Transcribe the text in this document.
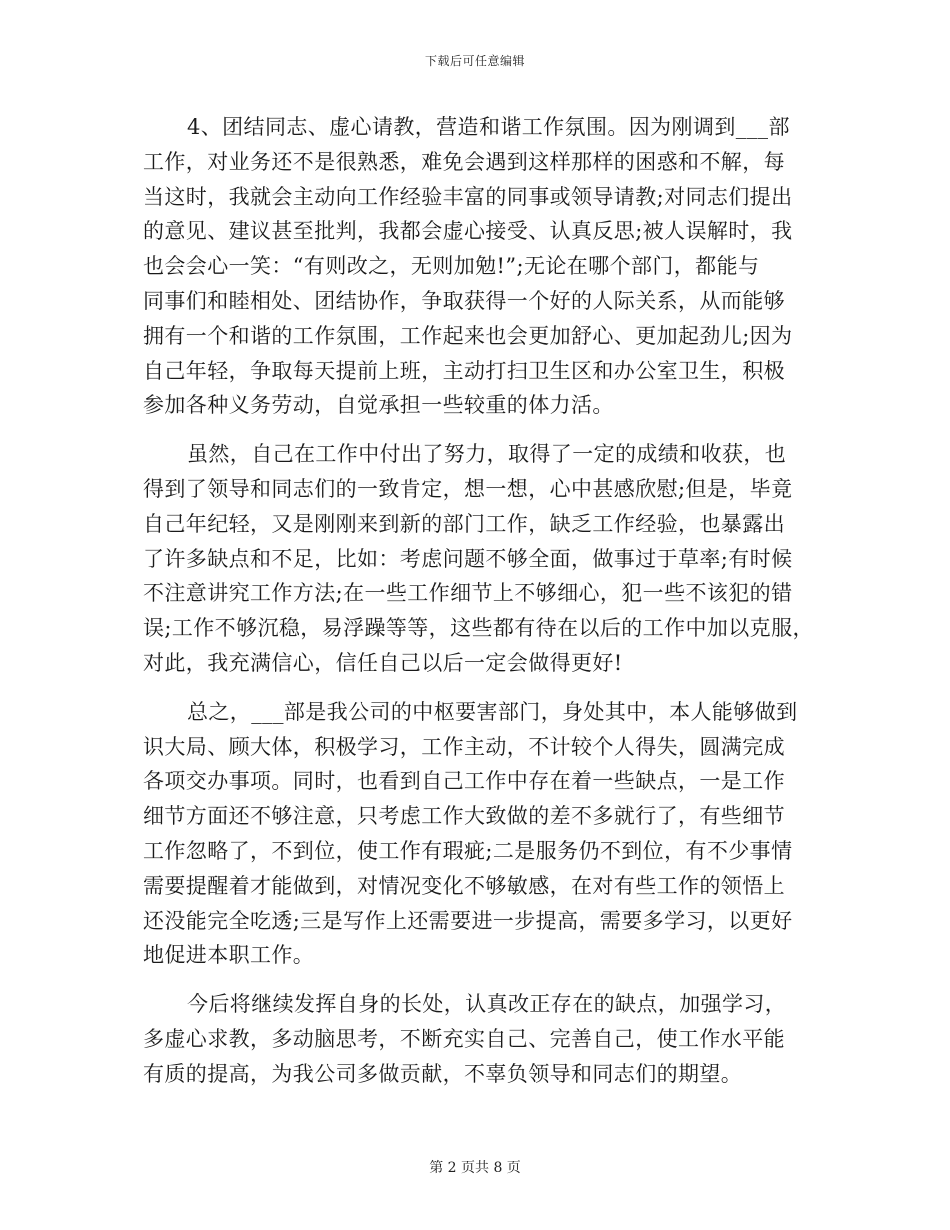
下载后可任意编辑
4、团结同志、虚心请教，营造和谐工作氛围。因为刚调到___部
工作，对业务还不是很熟悉，难免会遇到这样那样的困惑和不解，每
当这时，我就会主动向工作经验丰富的同事或领导请教;对同志们提出
的意见、建议甚至批判，我都会虚心接受、认真反思;被人误解时，我
也会会心一笑：“有则改之，无则加勉!”;无论在哪个部门，都能与
同事们和睦相处、团结协作，争取获得一个好的人际关系，从而能够
拥有一个和谐的工作氛围，工作起来也会更加舒心、更加起劲儿;因为
自己年轻，争取每天提前上班，主动打扫卫生区和办公室卫生，积极
参加各种义务劳动，自觉承担一些较重的体力活。
虽然，自己在工作中付出了努力，取得了一定的成绩和收获，也
得到了领导和同志们的一致肯定，想一想，心中甚感欣慰;但是，毕竟
自己年纪轻，又是刚刚来到新的部门工作，缺乏工作经验，也暴露出
了许多缺点和不足，比如：考虑问题不够全面，做事过于草率;有时候
不注意讲究工作方法;在一些工作细节上不够细心，犯一些不该犯的错
误;工作不够沉稳，易浮躁等等，这些都有待在以后的工作中加以克服，
对此，我充满信心，信任自己以后一定会做得更好!
总之，___部是我公司的中枢要害部门，身处其中，本人能够做到
识大局、顾大体，积极学习，工作主动，不计较个人得失，圆满完成
各项交办事项。同时，也看到自己工作中存在着一些缺点，一是工作
细节方面还不够注意，只考虑工作大致做的差不多就行了，有些细节
工作忽略了，不到位，使工作有瑕疵;二是服务仍不到位，有不少事情
需要提醒着才能做到，对情况变化不够敏感，在对有些工作的领悟上
还没能完全吃透;三是写作上还需要进一步提高，需要多学习，以更好
地促进本职工作。
今后将继续发挥自身的长处，认真改正存在的缺点，加强学习，
多虚心求教，多动脑思考，不断充实自己、完善自己，使工作水平能
有质的提高，为我公司多做贡献，不辜负领导和同志们的期望。
第 2 页共 8 页
